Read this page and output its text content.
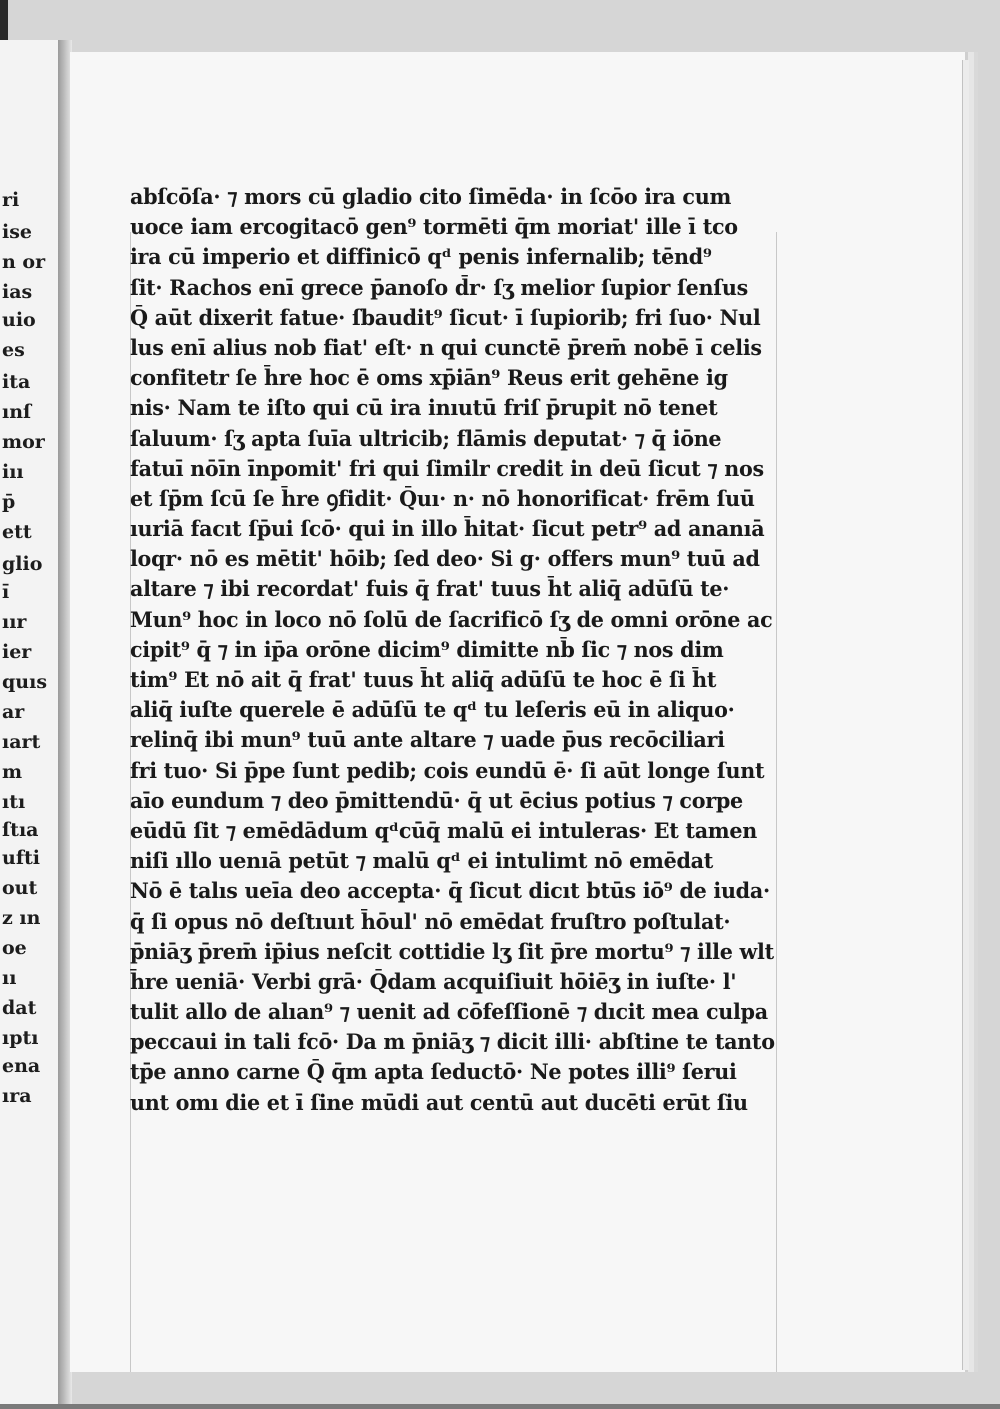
ri
ise
n or
ias
uio
es
ita
ınſ
mor
iıı
p̄
ett
glio
ı̄
ıır
ier
quıs
ar
ıart
m
ıtı
ſtıa
ufti
out
z ın
oe
ıı
dat
ıptı
ena
ıra
abſcōſa· ⁊ mors cū gladio cito ſimēda· in ſcōo ira cum
uoce iam ercogitacō gen⁹ tormēti q̄m moriat' ille ī tco
ira cū imperio et diffinicō qᵈ penis infernalib; tēnd⁹
ſit· Rachos enī grece p̄anoſo d̄r· ſʒ melior ſupior ſenſus
Q̄ aūt dixerit fatue· ſbaudit⁹ ſicut· ī ſupiorib; fri ſuo· Nul
lus enī alius nob fiat' eſt· n qui cunctē p̄rem̄ nobē ī celis
confitetr ſe h̄re hoc ē oms xp̄iān⁹ Reus erit gehēne ig
nis· Nam te iſto qui cū ira inıutū friſ p̄rupit nō tenet
ſaluum· ſʒ apta ſuīa ultricib; flāmis deputat· ⁊ q̄ iōne
fatuī nōīn īnpomit' fri qui ſimilr credit in deū ſicut ⁊ nos
et ſp̄m ſcū ſe h̄re ꝯfidit· Q̄uı· n· nō honorificat· frēm ſuū
ıuriā facıt ſp̄ui ſcō· qui in illo h̄itat· ſicut petr⁹ ad ananıā
loqr· nō es mētit' hōib; ſed deo· Si g· offers mun⁹ tuū ad
altare ⁊ ibi recordat' fuis q̄ frat' tuus h̄t aliq̄ adūſū te·
Mun⁹ hoc in loco nō ſolū de ſacrificō ſʒ de omni orōne ac
cipit⁹ q̄ ⁊ in ip̄a orōne dicim⁹ dimitte nb̄ ſic ⁊ nos dim
tim⁹ Et nō ait q̄ frat' tuus h̄t aliq̄ adūſū te hoc ē ſi h̄t
aliq̄ iuſte querele ē adūſū te qᵈ tu leſeris eū in aliquo·
relinq̄ ibi mun⁹ tuū ante altare ⁊ uade p̄us recōciliari
fri tuo· Si p̄pe ſunt pedib; cois eundū ē· ſi aūt longe ſunt
aīo eundum ⁊ deo p̄mittendū· q̄ ut ēcius potius ⁊ corpe
eūdū ſit ⁊ emēdādum qᵈcūq̄ malū ei intuleras· Et tamen
niſi ıllo uenıā petūt ⁊ malū qᵈ ei intulimt nō emēdat
Nō ē talıs ueīa deo accepta· q̄ ſicut dicıt btūs iō⁹ de iuda·
q̄ ſi opus nō deſtıuıt h̄ōul' nō emēdat fruſtro poſtulat·
p̄niāʒ p̄rem̄ ip̄ius neſcit cottidie lʒ ſit p̄re mortu⁹ ⁊ ille wlt
h̄re ueniā· Verbi grā· Q̄dam acquiſiuit hōiēʒ in iuſte· l'
tulit allo de alıan⁹ ⁊ uenit ad cōfeſſionē ⁊ dıcit mea culpa
peccaui in tali fcō· Da m p̄niāʒ ⁊ dicit illi· abſtine te tanto
tp̄e anno carne Q̄ q̄m apta ſeductō· Ne potes illi⁹ ſerui
unt omı die et ī ſine mūdi aut centū aut ducēti erūt ſiu
